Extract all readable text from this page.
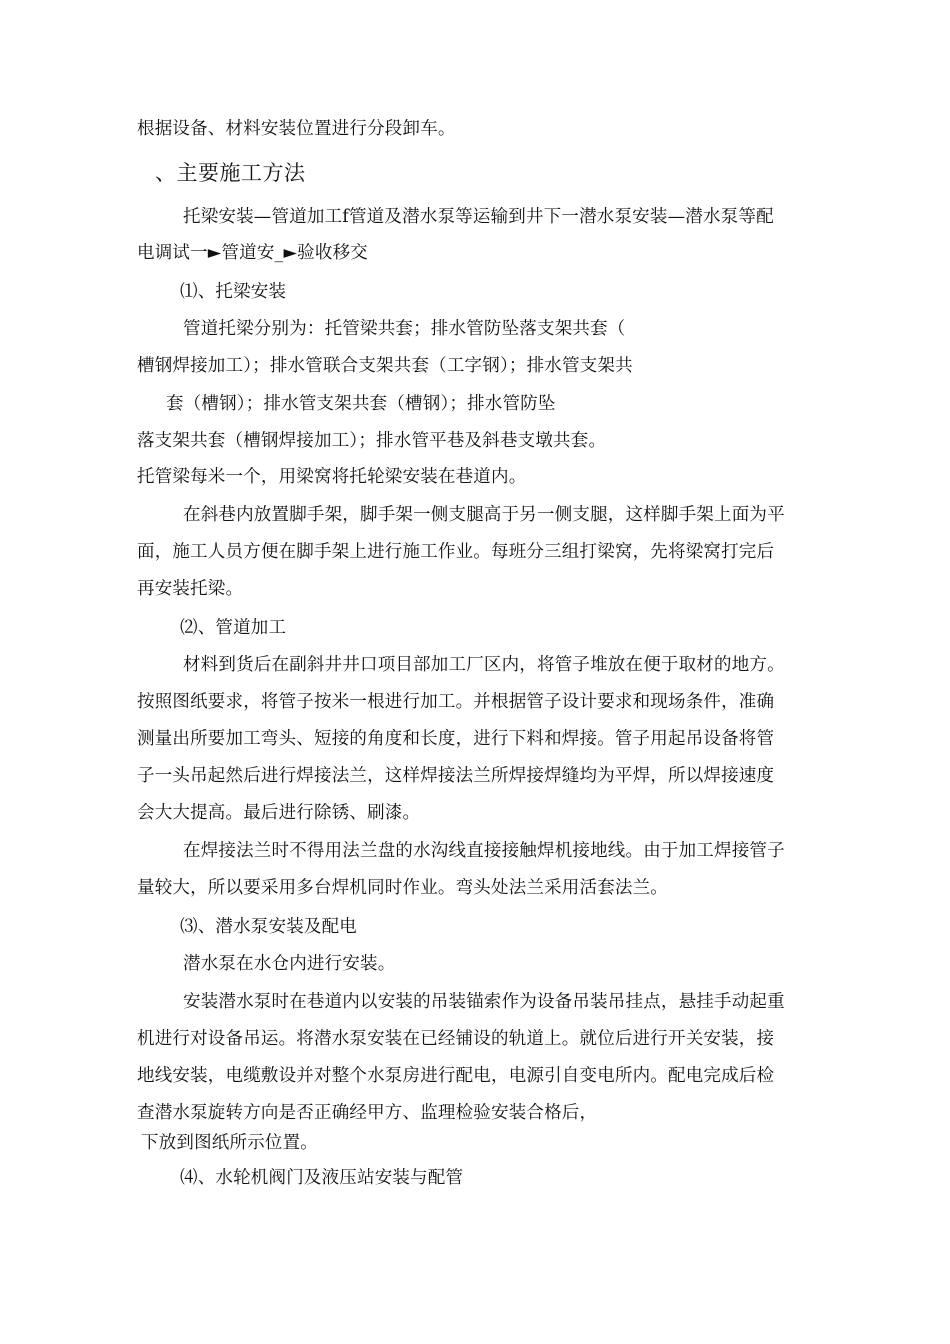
根据设备、材料安装位置进行分段卸车。
、主要施工方法
托梁安装—管道加工f管道及潜水泵等运输到井下一潜水泵安装—潜水泵等配
电调试一►管道安_►验收移交
⑴、托梁安装
管道托梁分别为：托管梁共套；排水管防坠落支架共套（
槽钢焊接加工）；排水管联合支架共套（工字钢）；排水管支架共
套（槽钢）；排水管支架共套（槽钢）；排水管防坠
落支架共套（槽钢焊接加工）；排水管平巷及斜巷支墩共套。
托管梁每米一个，用梁窝将托轮梁安装在巷道内。
在斜巷内放置脚手架，脚手架一侧支腿高于另一侧支腿，这样脚手架上面为平
面，施工人员方便在脚手架上进行施工作业。每班分三组打梁窝，先将梁窝打完后
再安装托梁。
⑵、管道加工
材料到货后在副斜井井口项目部加工厂区内，将管子堆放在便于取材的地方。
按照图纸要求，将管子按米一根进行加工。并根据管子设计要求和现场条件，准确
测量出所要加工弯头、短接的角度和长度，进行下料和焊接。管子用起吊设备将管
子一头吊起然后进行焊接法兰，这样焊接法兰所焊接焊缝均为平焊，所以焊接速度
会大大提高。最后进行除锈、刷漆。
在焊接法兰时不得用法兰盘的水沟线直接接触焊机接地线。由于加工焊接管子
量较大，所以要采用多台焊机同时作业。弯头处法兰采用活套法兰。
⑶、潜水泵安装及配电
潜水泵在水仓内进行安装。
安装潜水泵时在巷道内以安装的吊装锚索作为设备吊装吊挂点，悬挂手动起重
机进行对设备吊运。将潜水泵安装在已经铺设的轨道上。就位后进行开关安装，接
地线安装，电缆敷设并对整个水泵房进行配电，电源引自变电所内。配电完成后检
查潜水泵旋转方向是否正确经甲方、监理检验安装合格后，
下放到图纸所示位置。
⑷、水轮机阀门及液压站安装与配管
